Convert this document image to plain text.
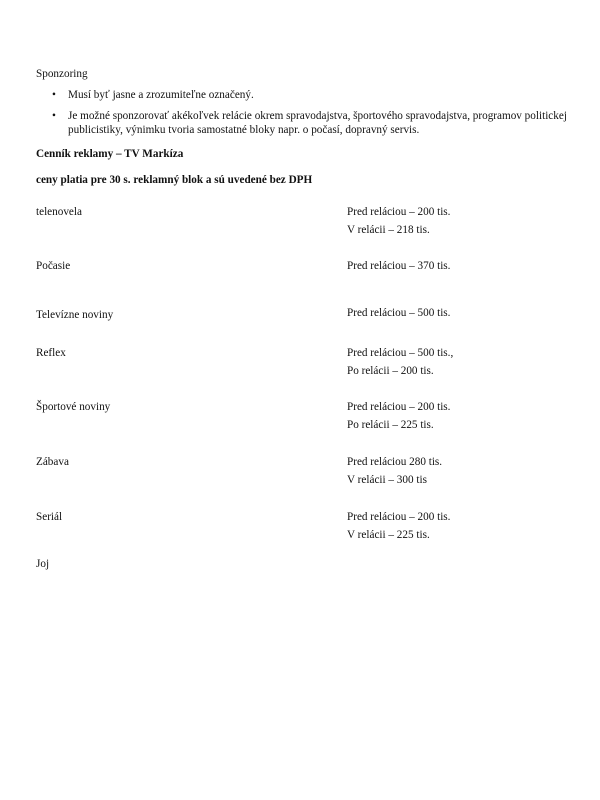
Sponzoring
• Musí byť jasne a zrozumiteľne označený.
• Je možné sponzorovať akékoľvek relácie okrem spravodajstva, športového spravodajstva, programov politickej publicistiky, výnimku tvoria samostatné bloky napr. o počasí, dopravný servis.
Cenník reklamy – TV Markíza
ceny platia pre 30 s. reklamný blok a sú uvedené bez DPH
telenovela	Pred reláciou – 200 tis.
V relácii – 218 tis.
Počasie	Pred reláciou – 370 tis.
Televízne noviny	Pred reláciou – 500 tis.
Reflex	Pred reláciou – 500 tis.,
Po relácii – 200 tis.
Športové noviny	Pred reláciou – 200 tis.
Po relácii – 225 tis.
Zábava	Pred reláciou 280 tis.
V relácii – 300 tis
Seriál	Pred reláciou – 200 tis.
V relácii – 225 tis.
Joj
